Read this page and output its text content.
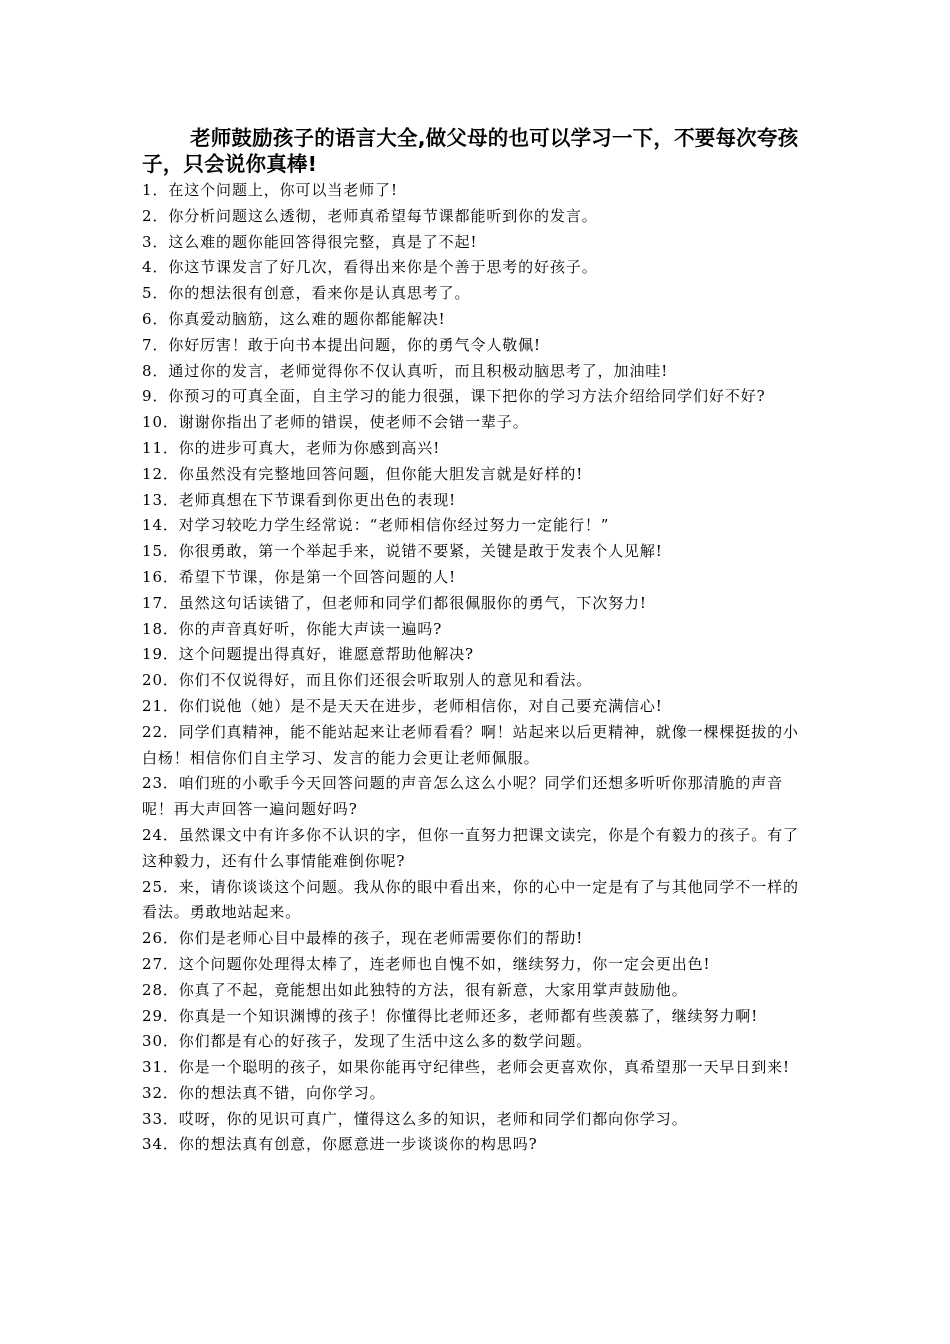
老师鼓励孩子的语言大全,做父母的也可以学习一下，不要每次夸孩子，只会说你真棒!
1．在这个问题上，你可以当老师了!
2．你分析问题这么透彻，老师真希望每节课都能听到你的发言。
3．这么难的题你能回答得很完整，真是了不起!
4．你这节课发言了好几次，看得出来你是个善于思考的好孩子。
5．你的想法很有创意，看来你是认真思考了。
6．你真爱动脑筋，这么难的题你都能解决!
7．你好厉害！敢于向书本提出问题，你的勇气令人敬佩!
8．通过你的发言，老师觉得你不仅认真听，而且积极动脑思考了，加油哇!
9．你预习的可真全面，自主学习的能力很强，课下把你的学习方法介绍给同学们好不好?
10．谢谢你指出了老师的错误，使老师不会错一辈子。
11．你的进步可真大，老师为你感到高兴!
12．你虽然没有完整地回答问题，但你能大胆发言就是好样的!
13．老师真想在下节课看到你更出色的表现!
14．对学习较吃力学生经常说：“老师相信你经过努力一定能行！”
15．你很勇敢，第一个举起手来，说错不要紧，关键是敢于发表个人见解!
16．希望下节课，你是第一个回答问题的人!
17．虽然这句话读错了，但老师和同学们都很佩服你的勇气，下次努力!
18．你的声音真好听，你能大声读一遍吗?
19．这个问题提出得真好，谁愿意帮助他解决?
20．你们不仅说得好，而且你们还很会听取别人的意见和看法。
21．你们说他（她）是不是天天在进步，老师相信你，对自己要充满信心!
22．同学们真精神，能不能站起来让老师看看？啊！站起来以后更精神，就像一棵棵挺拔的小白杨！相信你们自主学习、发言的能力会更让老师佩服。
23．咱们班的小歌手今天回答问题的声音怎么这么小呢？同学们还想多听听你那清脆的声音呢！再大声回答一遍问题好吗?
24．虽然课文中有许多你不认识的字，但你一直努力把课文读完，你是个有毅力的孩子。有了这种毅力，还有什么事情能难倒你呢?
25．来，请你谈谈这个问题。我从你的眼中看出来，你的心中一定是有了与其他同学不一样的看法。勇敢地站起来。
26．你们是老师心目中最棒的孩子，现在老师需要你们的帮助!
27．这个问题你处理得太棒了，连老师也自愧不如，继续努力，你一定会更出色!
28．你真了不起，竟能想出如此独特的方法，很有新意，大家用掌声鼓励他。
29．你真是一个知识渊博的孩子！你懂得比老师还多，老师都有些羡慕了，继续努力啊!
30．你们都是有心的好孩子，发现了生活中这么多的数学问题。
31．你是一个聪明的孩子，如果你能再守纪律些，老师会更喜欢你，真希望那一天早日到来!
32．你的想法真不错，向你学习。
33．哎呀，你的见识可真广，懂得这么多的知识，老师和同学们都向你学习。
34．你的想法真有创意，你愿意进一步谈谈你的构思吗?
